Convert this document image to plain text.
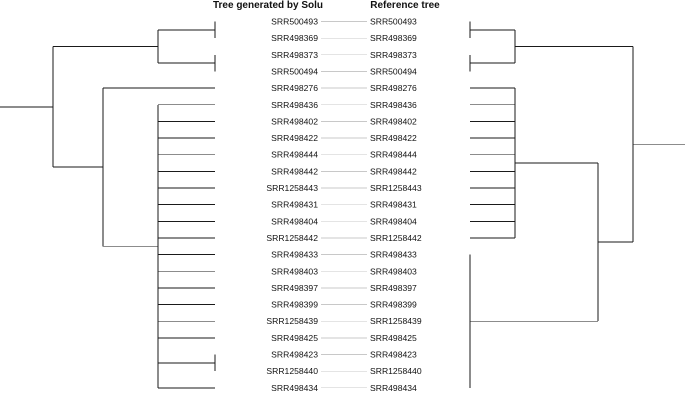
Tree generated by Solu	Reference tree
SRR500493
SRR498369
SRR498373
SRR500494
SRR498276
SRR498436
SRR498402
SRR498422
SRR498444
SRR498442
SRR1258443
SRR498431
SRR498404
SRR1258442
SRR498433
SRR498403
SRR498397
SRR498399
SRR1258439
SRR498425
SRR498423
SRR1258440
SRR498434
SRR500493
SRR498369
SRR498373
SRR500494
SRR498276
SRR498436
SRR498402
SRR498422
SRR498444
SRR498442
SRR1258443
SRR498431
SRR498404
SRR1258442
SRR498433
SRR498403
SRR498397
SRR498399
SRR1258439
SRR498425
SRR498423
SRR1258440
SRR498434
